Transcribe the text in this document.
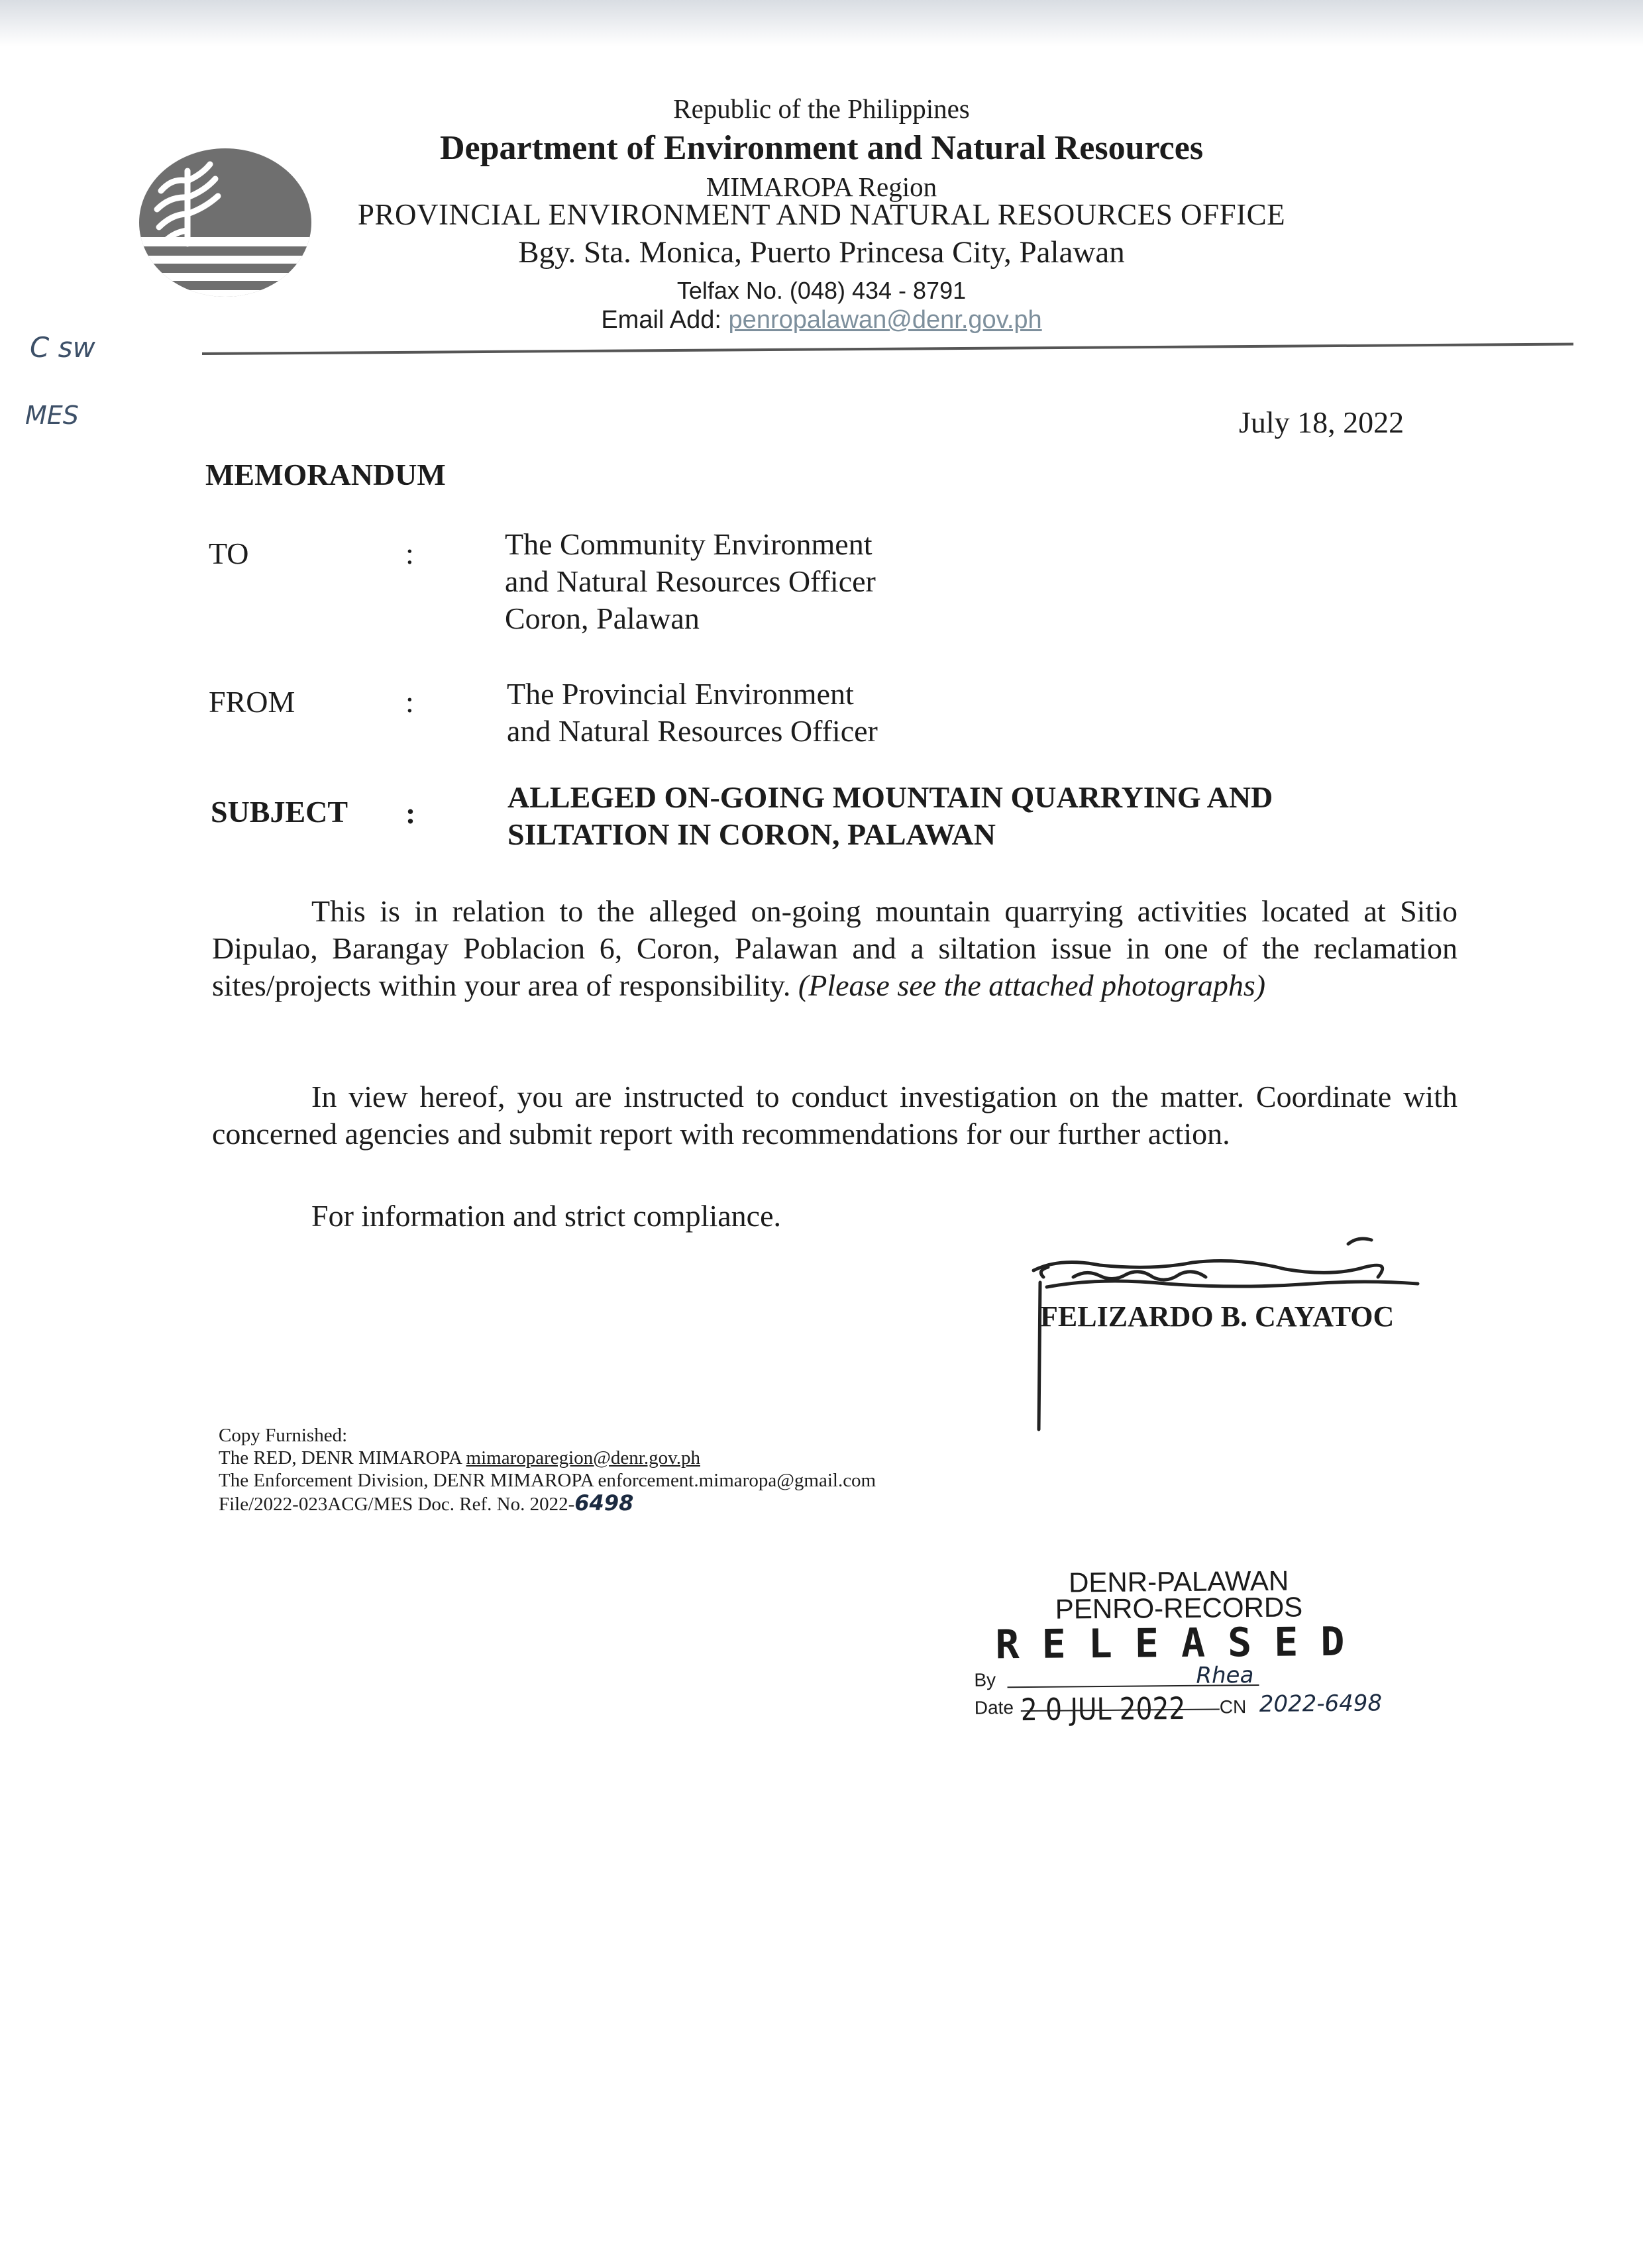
Republic of the Philippines
Department of Environment and Natural Resources
MIMAROPA Region
PROVINCIAL ENVIRONMENT AND NATURAL RESOURCES OFFICE
Bgy. Sta. Monica, Puerto Princesa City, Palawan
Telfax No. (048) 434 - 8791
Email Add: penropalawan@denr.gov.ph
C sw
MES	July 18, 2022
MEMORANDUM
TO	:	The Community Environment
and Natural Resources Officer
Coron, Palawan
FROM	:	The Provincial Environment
and Natural Resources Officer
SUBJECT :	ALLEGED ON-GOING MOUNTAIN QUARRYING AND
SILTATION IN CORON, PALAWAN

This is in relation to the alleged on-going mountain quarrying activities located at Sitio Dipulao, Barangay Poblacion 6, Coron, Palawan and a siltation issue in one of the reclamation sites/projects within your area of responsibility. (Please see the attached photographs)

In view hereof, you are instructed to conduct investigation on the matter. Coordinate with concerned agencies and submit report with recommendations for our further action.

For information and strict compliance.

FELIZARDO B. CAYATOC
Copy Furnished:
The RED, DENR MIMAROPA mimaroparegion@denr.gov.ph
The Enforcement Division, DENR MIMAROPA enforcement.mimaropa@gmail.com
File/2022-023ACG/MES Doc. Ref. No. 2022-6498
DENR-PALAWAN
PENRO-RECORDS
RELEASED
By	Rhea
Date 2 0 JUL 2022 CN 2022-6498
